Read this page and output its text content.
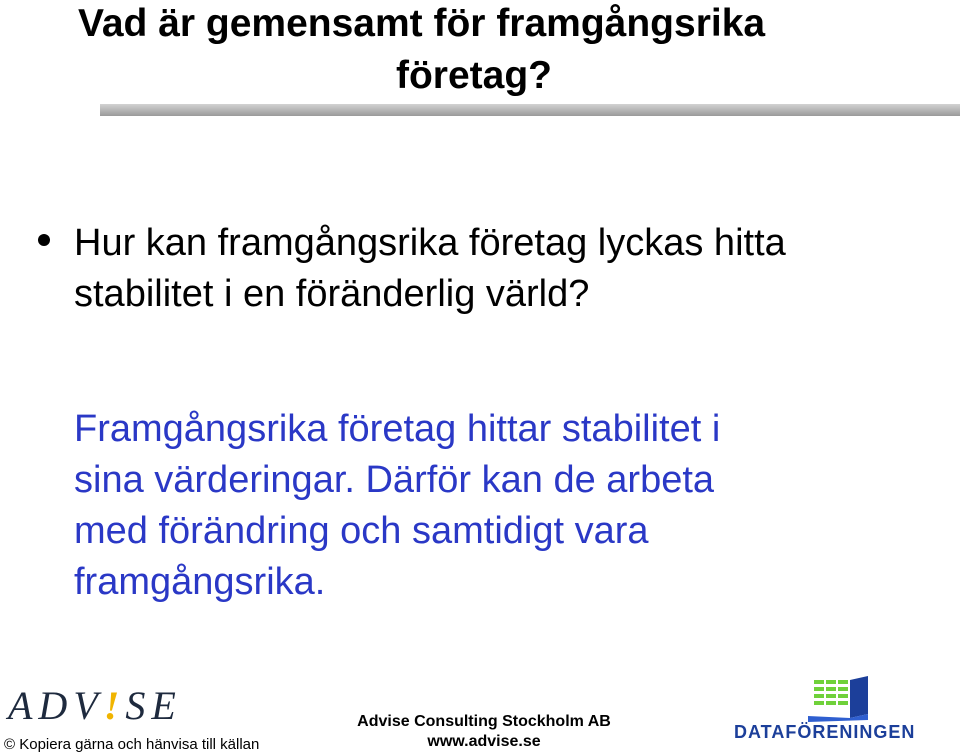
Vad är gemensamt för framgångsrika
företag?
Hur kan framgångsrika företag lyckas hitta
stabilitet i en föränderlig värld?
Framgångsrika företag hittar stabilitet i
sina värderingar. Därför kan de arbeta
med förändring och samtidigt vara
framgångsrika.
ADV!SE
© Kopiera gärna och hänvisa till källan
Advise Consulting Stockholm AB
www.advise.se	DATAFÖRENINGEN
